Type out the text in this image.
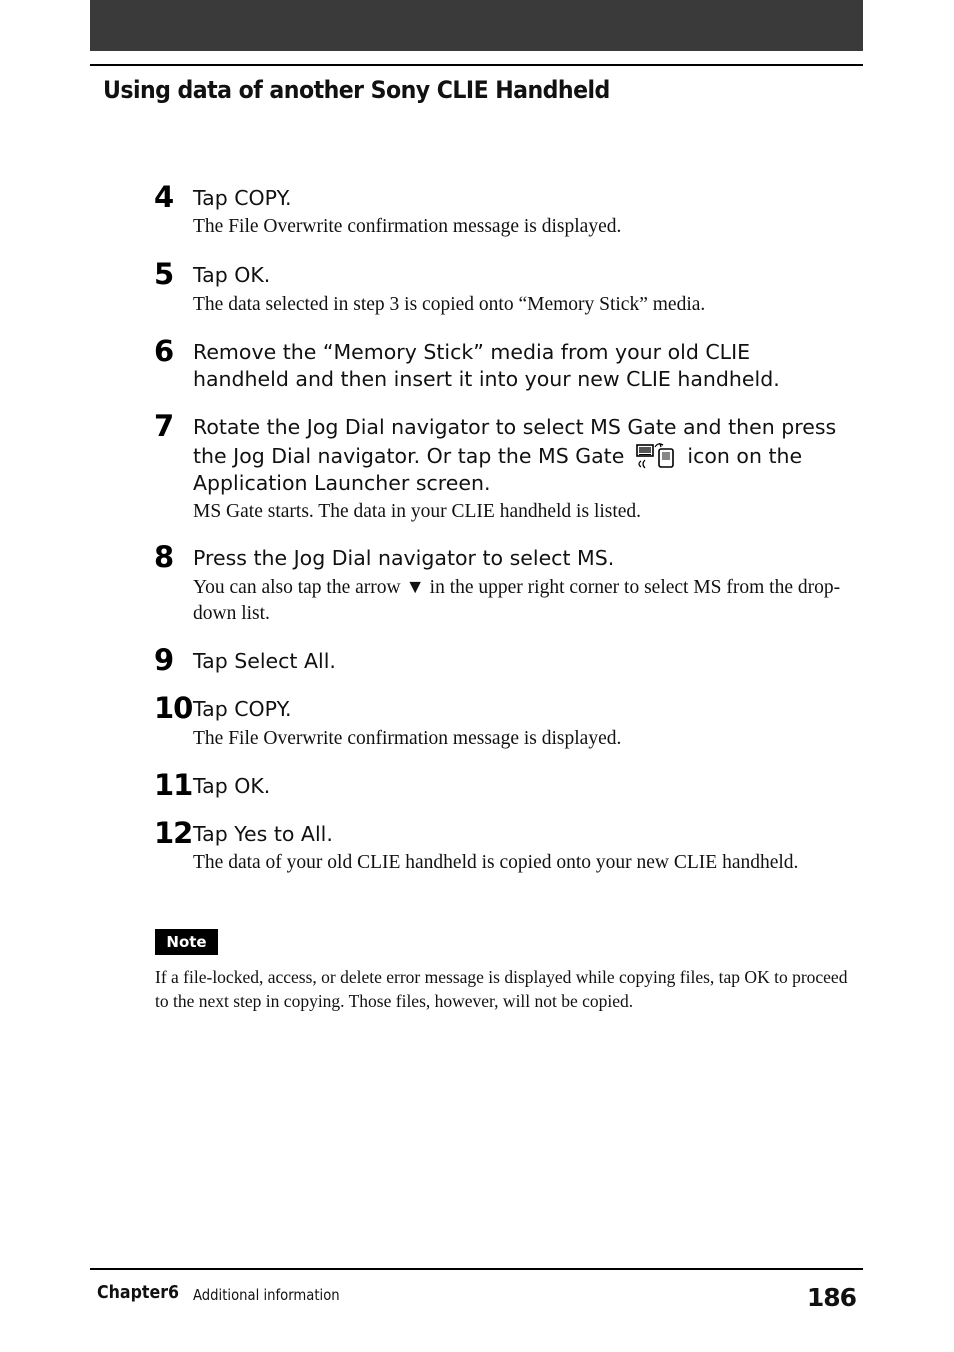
Using data of another Sony CLIE Handheld
4 Tap COPY.
The File Overwrite confirmation message is displayed.
5 Tap OK.
The data selected in step 3 is copied onto “Memory Stick” media.
6 Remove the “Memory Stick” media from your old CLIE handheld and then insert it into your new CLIE handheld.
7 Rotate the Jog Dial navigator to select MS Gate and then press the Jog Dial navigator. Or tap the MS Gate	icon on the Application Launcher screen.
MS Gate starts. The data in your CLIE handheld is listed.
8 Press the Jog Dial navigator to select MS.
You can also tap the arrow ▼ in the upper right corner to select MS from the drop-down list.
9 Tap Select All.
10 Tap COPY.
The File Overwrite confirmation message is displayed.
11 Tap OK.
12 Tap Yes to All.
The data of your old CLIE handheld is copied onto your new CLIE handheld.
Note
If a file-locked, access, or delete error message is displayed while copying files, tap OK to proceed to the next step in copying. Those files, however, will not be copied.
Chapter6 Additional information	186
